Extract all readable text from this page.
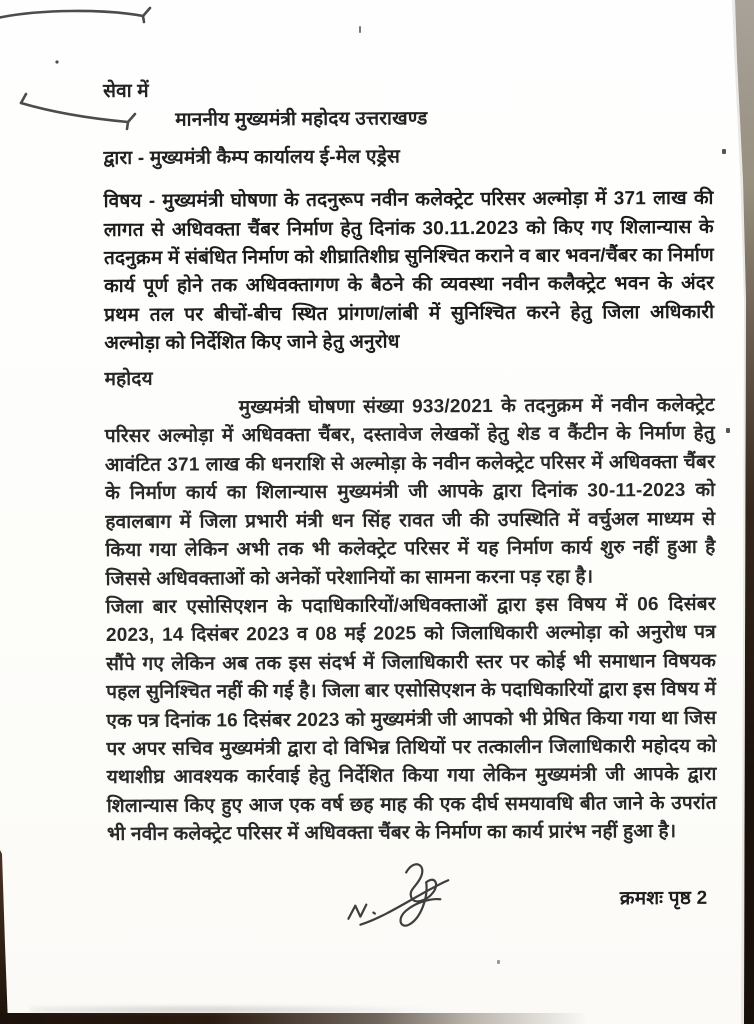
सेवा में
माननीय मुख्यमंत्री महोदय उत्तराखण्ड
द्वारा - मुख्यमंत्री कैम्प कार्यालय ई-मेल एड्रेस
विषय - मुख्यमंत्री घोषणा के तदनुरूप नवीन कलेक्ट्रेट परिसर अल्मोड़ा में 371 लाख की लागत से अधिवक्ता चैंबर निर्माण हेतु दिनांक 30.11.2023 को किए गए शिलान्यास के तदनुक्रम में संबंधित निर्माण को शीघ्रातिशीघ्र सुनिश्चित कराने व बार भवन/चैंबर का निर्माण कार्य पूर्ण होने तक अधिवक्तागण के बैठने की व्यवस्था नवीन कलैक्ट्रेट भवन के अंदर प्रथम तल पर बीचों-बीच स्थित प्रांगण/लांबी में सुनिश्चित करने हेतु जिला अधिकारी अल्मोड़ा को निर्देशित किए जाने हेतु अनुरोध
महोदय
मुख्यमंत्री घोषणा संख्या 933/2021 के तदनुक्रम में नवीन कलेक्ट्रेट परिसर अल्मोड़ा में अधिवक्ता चैंबर, दस्तावेज लेखकों हेतु शेड व कैंटीन के निर्माण हेतु आवंटित 371 लाख की धनराशि से अल्मोड़ा के नवीन कलेक्ट्रेट परिसर में अधिवक्ता चैंबर के निर्माण कार्य का शिलान्यास मुख्यमंत्री जी आपके द्वारा दिनांक 30-11-2023 को हवालबाग में जिला प्रभारी मंत्री धन सिंह रावत जी की उपस्थिति में वर्चुअल माध्यम से किया गया लेकिन अभी तक भी कलेक्ट्रेट परिसर में यह निर्माण कार्य शुरु नहीं हुआ है जिससे अधिवक्ताओं को अनेकों परेशानियों का सामना करना पड़ रहा है।
जिला बार एसोसिएशन के पदाधिकारियों/अधिवक्ताओं द्वारा इस विषय में 06 दिसंबर 2023, 14 दिसंबर 2023 व 08 मई 2025 को जिलाधिकारी अल्मोड़ा को अनुरोध पत्र सौंपे गए लेकिन अब तक इस संदर्भ में जिलाधिकारी स्तर पर कोई भी समाधान विषयक पहल सुनिश्चित नहीं की गई है। जिला बार एसोसिएशन के पदाधिकारियों द्वारा इस विषय में एक पत्र दिनांक 16 दिसंबर 2023 को मुख्यमंत्री जी आपको भी प्रेषित किया गया था जिस पर अपर सचिव मुख्यमंत्री द्वारा दो विभिन्न तिथियों पर तत्कालीन जिलाधिकारी महोदय को यथाशीघ्र आवश्यक कार्रवाई हेतु निर्देशित किया गया लेकिन मुख्यमंत्री जी आपके द्वारा शिलान्यास किए हुए आज एक वर्ष छह माह की एक दीर्घ समयावधि बीत जाने के उपरांत भी नवीन कलेक्ट्रेट परिसर में अधिवक्ता चैंबर के निर्माण का कार्य प्रारंभ नहीं हुआ है।
क्रमशः पृष्ठ 2
